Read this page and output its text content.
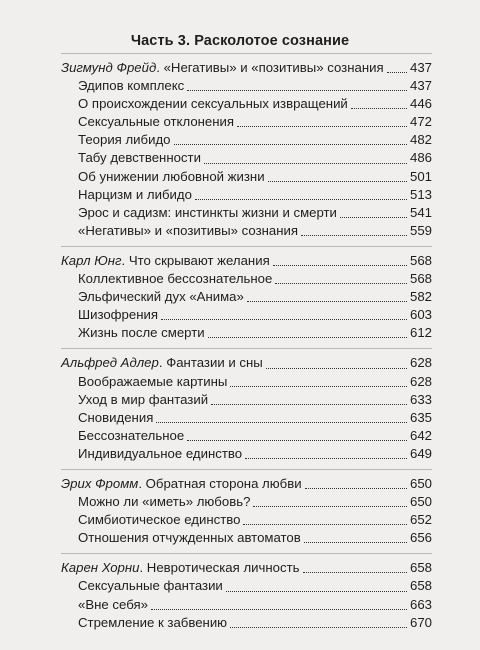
Часть 3. Расколотое сознание
Зигмунд Фрейд. «Негативы» и «позитивы» сознания 437
Эдипов комплекс	437
О происхождении сексуальных извращений	446
Сексуальные отклонения	472
Теория либидо	482
Табу девственности	486
Об унижении любовной жизни	501
Нарцизм и либидо	513
Эрос и садизм: инстинкты жизни и смерти	541
«Негативы» и «позитивы» сознания	559
Карл Юнг. Что скрывают желания	568
Коллективное бессознательное	568
Эльфический дух «Анима»	582
Шизофрения	603
Жизнь после смерти	612
Альфред Адлер. Фантазии и сны	628
Воображаемые картины	628
Уход в мир фантазий	633
Сновидения	635
Бессознательное	642
Индивидуальное единство	649
Эрих Фромм. Обратная сторона любви	650
Можно ли «иметь» любовь?	650
Симбиотическое единство	652
Отношения отчужденных автоматов	656
Карен Хорни. Невротическая личность	658
Сексуальные фантазии	658
«Вне себя»	663
Стремление к забвению	670
